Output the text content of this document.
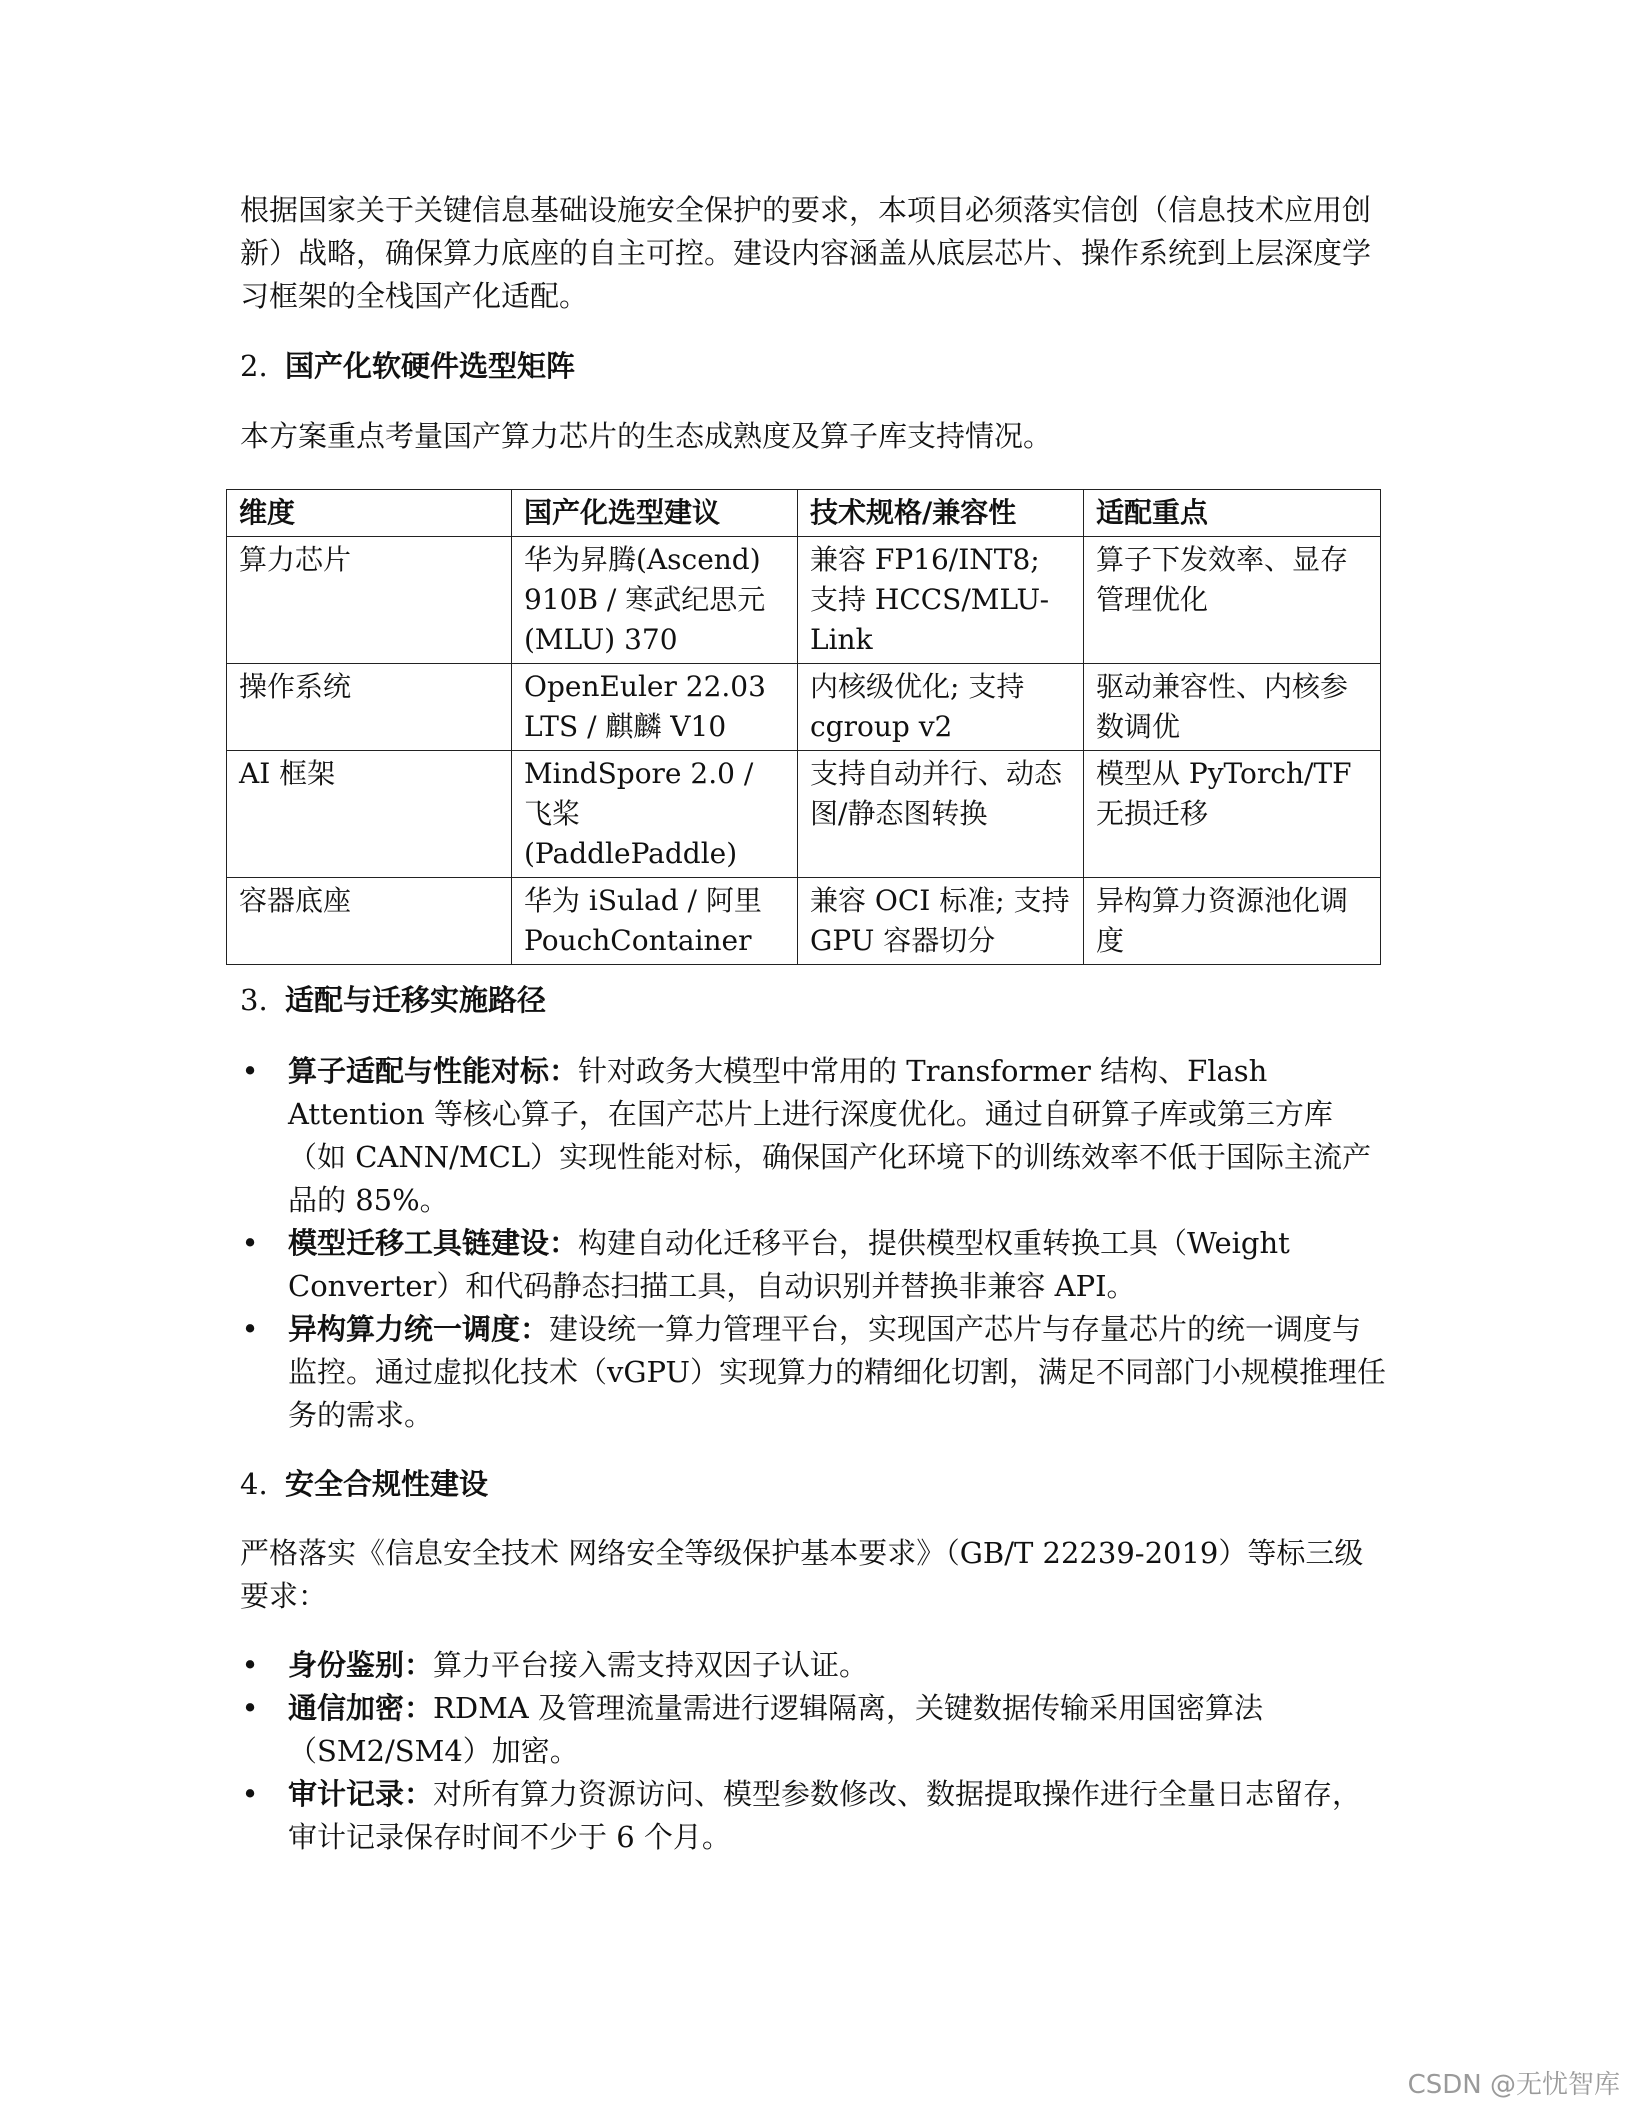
根据国家关于关键信息基础设施安全保护的要求，本项目必须落实信创（信息技术应用创新）战略，确保算力底座的自主可控。建设内容涵盖从底层芯片、操作系统到上层深度学习框架的全栈国产化适配。

2. 国产化软硬件选型矩阵

本方案重点考量国产算力芯片的生态成熟度及算子库支持情况。

维度	国产化选型建议	技术规格/兼容性	适配重点
算力芯片	华为昇腾(Ascend) 910B / 寒武纪思元(MLU) 370	兼容 FP16/INT8; 支持 HCCS/MLU-Link	算子下发效率、显存管理优化
操作系统	OpenEuler 22.03 LTS / 麒麟 V10	内核级优化; 支持 cgroup v2	驱动兼容性、内核参数调优
AI 框架	MindSpore 2.0 / 飞桨(PaddlePaddle)	支持自动并行、动态图/静态图转换	模型从 PyTorch/TF 无损迁移
容器底座	华为 iSulad / 阿里 PouchContainer	兼容 OCI 标准; 支持 GPU 容器切分	异构算力资源池化调度
3. 适配与迁移实施路径
• 算子适配与性能对标：针对政务大模型中常用的 Transformer 结构、Flash Attention 等核心算子，在国产芯片上进行深度优化。通过自研算子库或第三方库（如 CANN/MCL）实现性能对标，确保国产化环境下的训练效率不低于国际主流产品的 85%。
• 模型迁移工具链建设：构建自动化迁移平台，提供模型权重转换工具（Weight Converter）和代码静态扫描工具，自动识别并替换非兼容 API。
• 异构算力统一调度：建设统一算力管理平台，实现国产芯片与存量芯片的统一调度与监控。通过虚拟化技术（vGPU）实现算力的精细化切割，满足不同部门小规模推理任务的需求。
4. 安全合规性建设

严格落实《信息安全技术 网络安全等级保护基本要求》（GB/T 22239-2019）等标三级要求：

• 身份鉴别：算力平台接入需支持双因子认证。
• 通信加密：RDMA 及管理流量需进行逻辑隔离，关键数据传输采用国密算法（SM2/SM4）加密。
• 审计记录：对所有算力资源访问、模型参数修改、数据提取操作进行全量日志留存，审计记录保存时间不少于 6 个月。
CSDN @无忧智库
